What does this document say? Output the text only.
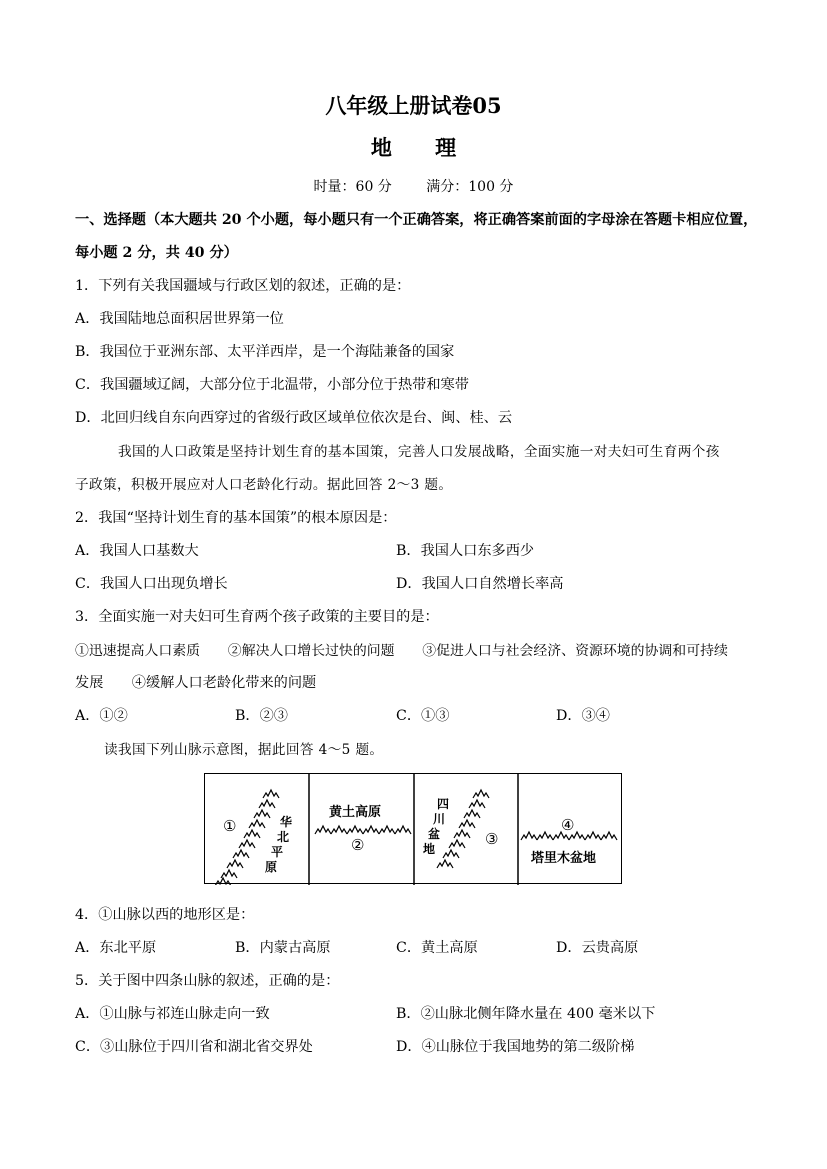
八年级上册试卷05
地 理
时量：60 分 满分：100 分
一、选择题（本大题共 20 个小题，每小题只有一个正确答案，将正确答案前面的字母涂在答题卡相应位置，
每小题 2 分，共 40 分）
1．下列有关我国疆域与行政区划的叙述，正确的是：
A．我国陆地总面积居世界第一位
B．我国位于亚洲东部、太平洋西岸，是一个海陆兼备的国家
C．我国疆域辽阔，大部分位于北温带，小部分位于热带和寒带
D．北回归线自东向西穿过的省级行政区域单位依次是台、闽、桂、云
我国的人口政策是坚持计划生育的基本国策，完善人口发展战略，全面实施一对夫妇可生育两个孩
子政策，积极开展应对人口老龄化行动。据此回答 2～3 题。
2．我国“坚持计划生育的基本国策”的根本原因是：
A．我国人口基数大	B．我国人口东多西少
C．我国人口出现负增长	D．我国人口自然增长率高
3．全面实施一对夫妇可生育两个孩子政策的主要目的是：
①迅速提高人口素质　　②解决人口增长过快的问题　　③促进人口与社会经济、资源环境的协调和可持续
发展　　④缓解人口老龄化带来的问题
A．①②	B．②③	C．①③	D．③④
读我国下列山脉示意图，据此回答 4～5 题。
①	华
北
平
原
黄土高原
②
四
川
盆
地
③
④
塔里木盆地
4．①山脉以西的地形区是：
A．东北平原	B．内蒙古高原	C．黄土高原	D．云贵高原
5．关于图中四条山脉的叙述，正确的是：
A．①山脉与祁连山脉走向一致	B．②山脉北侧年降水量在 400 毫米以下
C．③山脉位于四川省和湖北省交界处	D．④山脉位于我国地势的第二级阶梯
